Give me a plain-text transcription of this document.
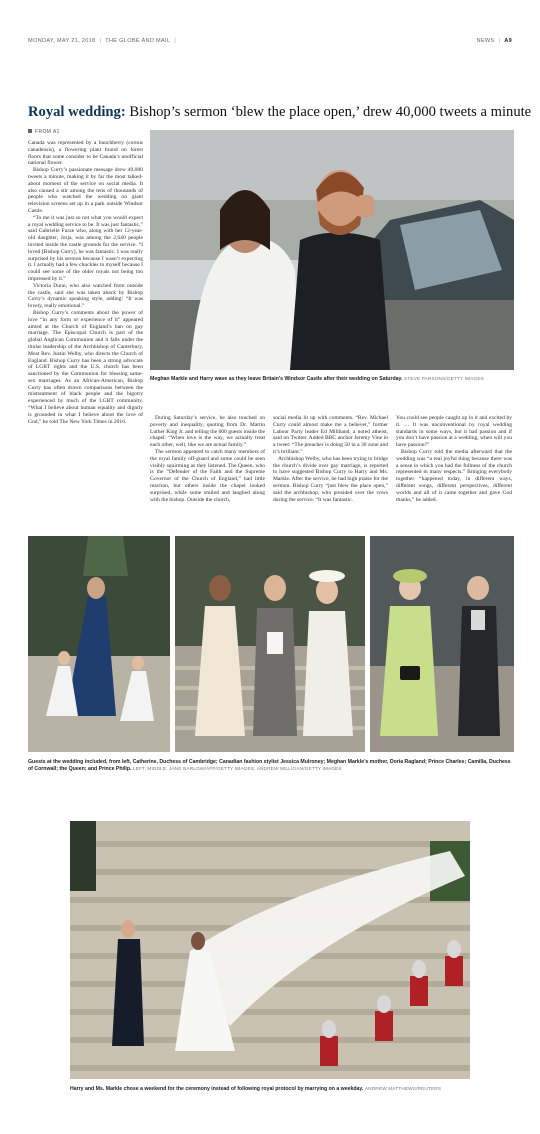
MONDAY, MAY 21, 2018 | THE GLOBE AND MAIL |	NEWS | A9
Royal wedding: Bishop’s sermon ‘blew the place open,’ drew 40,000 tweets a minute
FROM A1

Canada was represented by a bunchberry (cornus canadensis), a flowering plant found on forest floors that some consider to be Canada’s unofficial national flower.

Bishop Curry’s passionate message drew 40,000 tweets a minute, making it by far the most talked-about moment of the service on social media. It also caused a stir among the tens of thousands of people who watched the wedding on giant television screens set up in a park outside Windsor Castle.

“To me it was just so not what you would expect a royal wedding service to be. It was just fantastic,” said Gabrielle Furze who, along with her 12-year-old daughter, Jorja, was among the 2,640 people invited inside the castle grounds for the service. “I loved [Bishop Curry], he was fantastic. I was really surprised by his sermon because I wasn’t expecting it. I actually had a few chuckles to myself because I could see some of the older royals not being too impressed by it.”

Victoria Dunn, who also watched from outside the castle, said she was taken aback by Bishop Curry’s dynamic speaking style, adding: “It was lovely, really emotional.”

Bishop Curry’s comments about the power of love “in any form or experience of it” appeared aimed at the Church of England’s ban on gay marriage. The Episcopal Church is part of the global Anglican Communion and it falls under the titular leadership of the Archbishop of Canterbury, Most Rev. Justin Welby, who directs the Church of England. Bishop Curry has been a strong advocate of LGBT rights and the U.S. church has been sanctioned by the Communion for blessing same-sex marriages. As an African-American, Bishop Curry has often drawn comparisons between the mistreatment of black people and the bigotry experienced by much of the LGBT community. “What I believe about human equality and dignity is grounded in what I believe about the love of God,” he told The New York Times in 2016.

During Saturday’s service, he also touched on poverty and inequality, quoting from Dr. Martin Luther King Jr. and telling the 600 guests inside the chapel: “When love is the way, we actually treat each other, well, like we are actual family.”

The sermon appeared to catch many members of the royal family off-guard and some could be seen visibly squirming as they listened. The Queen, who is the “Defender of the Faith and the Supreme Governor of the Church of England,” had little reaction, but others inside the chapel looked surprised, while some smiled and laughed along with the bishop. Outside the church,

social media lit up with comments. “Rev. Michael Curry could almost make me a believer,” former Labour Party leader Ed Miliband, a noted atheist, said on Twitter. Added BBC anchor Jeremy Vine in a tweet: “The preacher is doing 50 in a 30 zone and it’s brilliant.”

Archbishop Welby, who has been trying to bridge the church’s divide over gay marriage, is reported to have suggested Bishop Curry to Harry and Ms. Markle. After the service, he had high praise for the sermon. Bishop Curry “just blew the place open,” said the archbishop, who presided over the vows during the service. “It was fantastic.

You could see people caught up in it and excited by it. … It was unconventional by royal wedding standards in some ways, but it had passion and if you don’t have passion at a wedding, when will you have passion?”

Bishop Curry told the media afterward that the wedding was “a real joyful thing because there was a sense in which you had the fullness of the church represented in many respects.” Bringing everybody together “happened today, in different ways, different songs, different perspectives, different worlds and all of it came together and gave God thanks,” he added.

Meghan Markle and Harry wave as they leave Britain’s Windsor Castle after their wedding on Saturday. STEVE PARSONS/GETTY IMAGES
Guests at the wedding included, from left, Catherine, Duchess of Cambridge; Canadian fashion stylist Jessica Mulroney; Meghan Markle’s mother, Doria Ragland; Prince Charles; Camilla, Duchess of Cornwall; the Queen; and Prince Philip. LEFT, MIDDLE: JANE BARLOW/AFP/GETTY IMAGES; ANDREW MILLIGAN/GETTY IMAGES
Harry and Ms. Markle chose a weekend for the ceremony instead of following royal protocol by marrying on a weekday. ANDREW MATTHEWS/REUTERS
